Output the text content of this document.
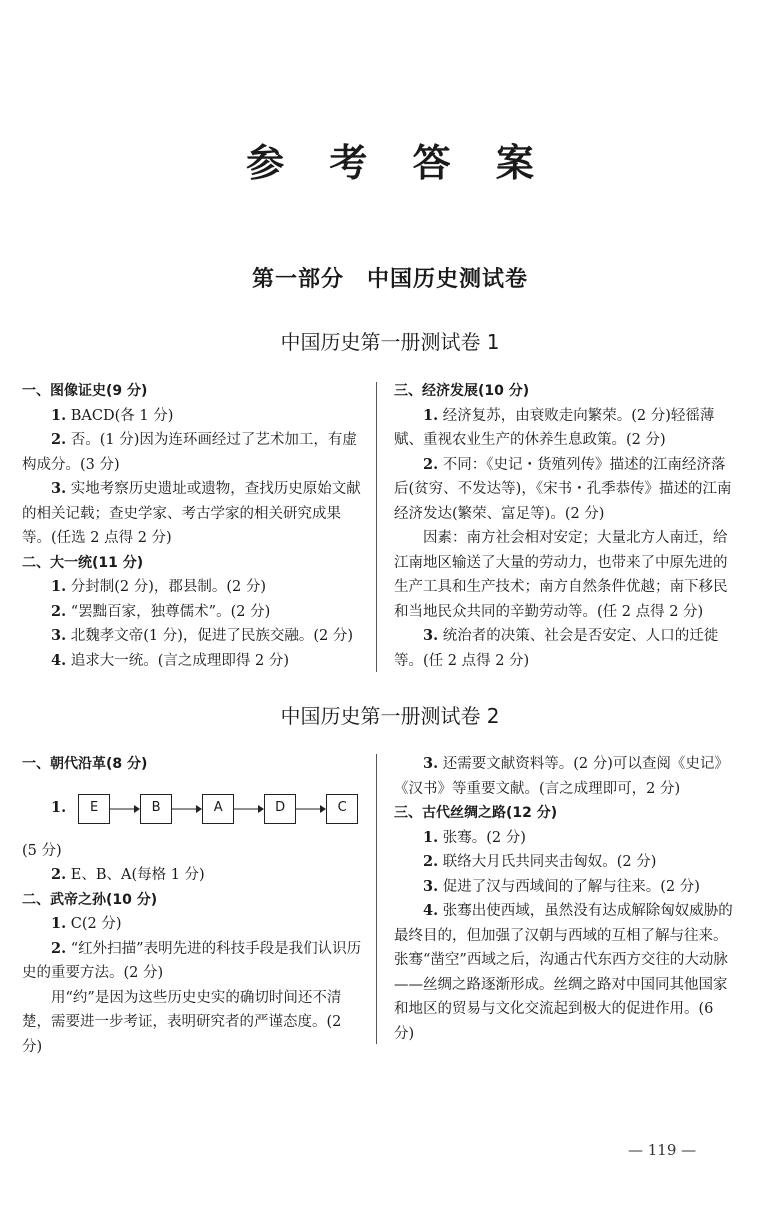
参 考 答 案
第一部分　中国历史测试卷
中国历史第一册测试卷 1

一、图像证史(9 分)

1. BACD(各 1 分)

2. 否。(1 分)因为连环画经过了艺术加工，有虚构成分。(3 分)

3. 实地考察历史遗址或遗物，查找历史原始文献的相关记载；查史学家、考古学家的相关研究成果等。(任选 2 点得 2 分)

二、大一统(11 分)

1. 分封制(2 分)，郡县制。(2 分)

2. “罢黜百家，独尊儒术”。(2 分)

3. 北魏孝文帝(1 分)，促进了民族交融。(2 分)

4. 追求大一统。(言之成理即得 2 分)

三、经济发展(10 分)

1. 经济复苏，由衰败走向繁荣。(2 分)轻徭薄赋、重视农业生产的休养生息政策。(2 分)

2. 不同：《史记・货殖列传》描述的江南经济落后(贫穷、不发达等)，《宋书・孔季恭传》描述的江南经济发达(繁荣、富足等)。(2 分)

因素：南方社会相对安定；大量北方人南迁，给江南地区输送了大量的劳动力，也带来了中原先进的生产工具和生产技术；南方自然条件优越；南下移民和当地民众共同的辛勤劳动等。(任 2 点得 2 分)

3. 统治者的决策、社会是否安定、人口的迁徙等。(任 2 点得 2 分)

中国历史第一册测试卷 2

一、朝代沿革(8 分)

1.	E	B	A	D	C

(5 分)

2. E、B、A(每格 1 分)

二、武帝之孙(10 分)

1. C(2 分)

2. “红外扫描”表明先进的科技手段是我们认识历史的重要方法。(2 分)

用“约”是因为这些历史史实的确切时间还不清楚，需要进一步考证，表明研究者的严谨态度。(2 分)

3. 还需要文献资料等。(2 分)可以查阅《史记》《汉书》等重要文献。(言之成理即可，2 分)

三、古代丝绸之路(12 分)

1. 张骞。(2 分)

2. 联络大月氏共同夹击匈奴。(2 分)

3. 促进了汉与西域间的了解与往来。(2 分)

4. 张骞出使西域，虽然没有达成解除匈奴威胁的最终目的，但加强了汉朝与西域的互相了解与往来。张骞“凿空”西域之后，沟通古代东西方交往的大动脉——丝绸之路逐渐形成。丝绸之路对中国同其他国家和地区的贸易与文化交流起到极大的促进作用。(6 分)

— 119 —
